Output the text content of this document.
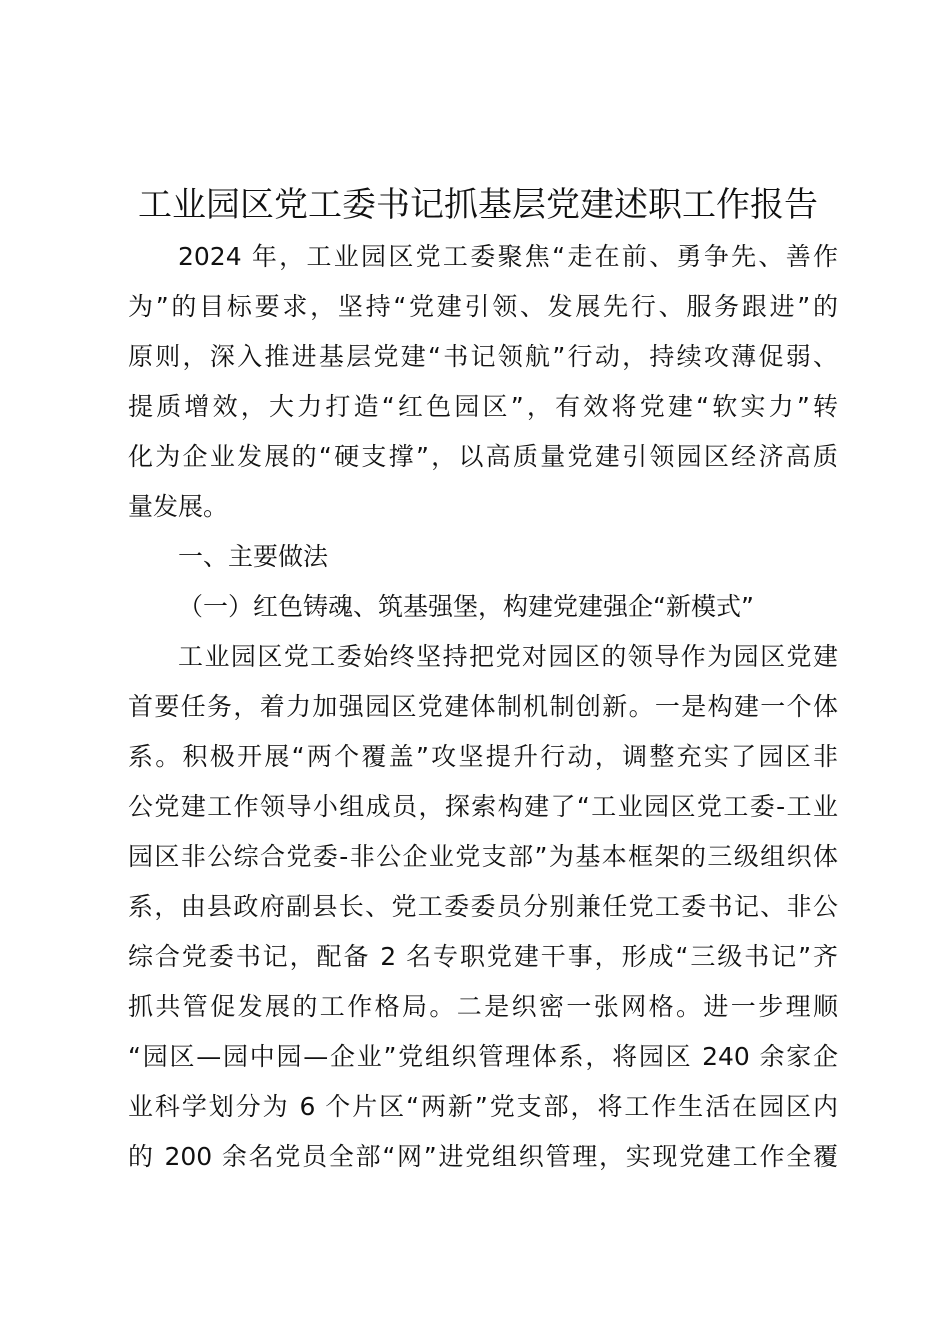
工业园区党工委书记抓基层党建述职工作报告
2024 年，工业园区党工委聚焦“走在前、勇争先、善作
为”的目标要求，坚持“党建引领、发展先行、服务跟进”的
原则，深入推进基层党建“书记领航”行动，持续攻薄促弱、
提质增效，大力打造“红色园区”，有效将党建“软实力”转
化为企业发展的“硬支撑”，以高质量党建引领园区经济高质
量发展。
一、主要做法
（一）红色铸魂、筑基强堡，构建党建强企“新模式”
工业园区党工委始终坚持把党对园区的领导作为园区党建
首要任务，着力加强园区党建体制机制创新。一是构建一个体
系。积极开展“两个覆盖”攻坚提升行动，调整充实了园区非
公党建工作领导小组成员，探索构建了“工业园区党工委-工业
园区非公综合党委-非公企业党支部”为基本框架的三级组织体
系，由县政府副县长、党工委委员分别兼任党工委书记、非公
综合党委书记，配备 2 名专职党建干事，形成“三级书记”齐
抓共管促发展的工作格局。二是织密一张网格。进一步理顺
“园区—园中园—企业”党组织管理体系，将园区 240 余家企
业科学划分为 6 个片区“两新”党支部，将工作生活在园区内
的 200 余名党员全部“网”进党组织管理，实现党建工作全覆
